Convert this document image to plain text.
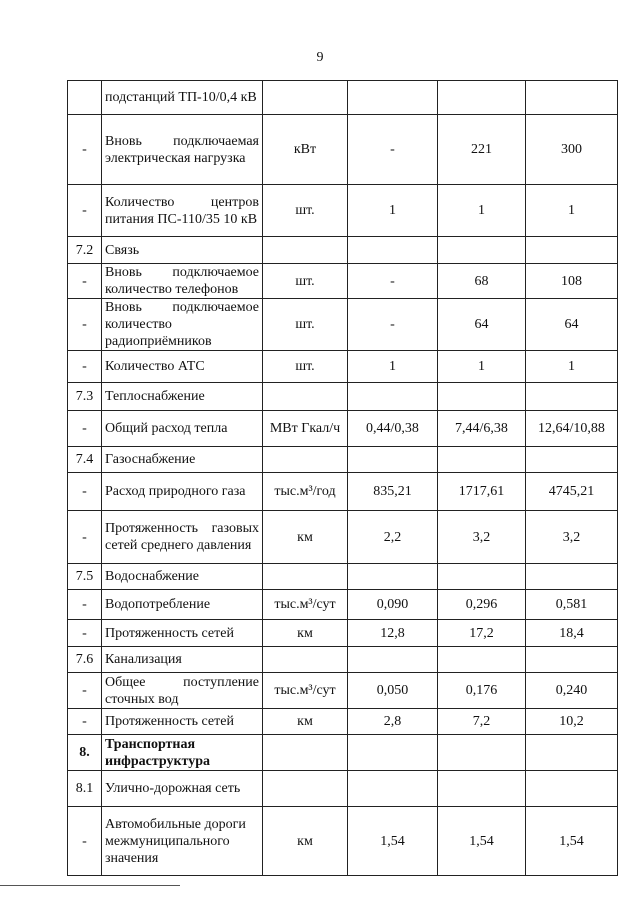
9
	подстанций ТП-10/0,4 кВ				
-	Вновь подключаемая электрическая нагрузка	кВт	-	221	300
-	Количество центров питания ПС-110/35 10 кВ	шт.	1	1	1
7.2	Связь				
-	Вновь подключаемое количество телефонов	шт.	-	68	108
-	Вновь подключаемое количество радиоприёмников	шт.	-	64	64
-	Количество АТС	шт.	1	1	1
7.3	Теплоснабжение				
-	Общий расход тепла	МВт Гкал/ч	0,44/0,38	7,44/6,38	12,64/10,88
7.4	Газоснабжение				
-	Расход природного газа	тыс.м³/год	835,21	1717,61	4745,21
-	Протяженность газовых сетей среднего давления	км	2,2	3,2	3,2
7.5	Водоснабжение				
-	Водопотребление	тыс.м³/сут	0,090	0,296	0,581
-	Протяженность сетей	км	12,8	17,2	18,4
7.6	Канализация				
-	Общее поступление сточных вод	тыс.м³/сут	0,050	0,176	0,240
-	Протяженность сетей	км	2,8	7,2	10,2
8.	Транспортная инфраструктура				
8.1	Улично-дорожная сеть				
-	Автомобильные дороги межмуниципального значения	км	1,54	1,54	1,54
